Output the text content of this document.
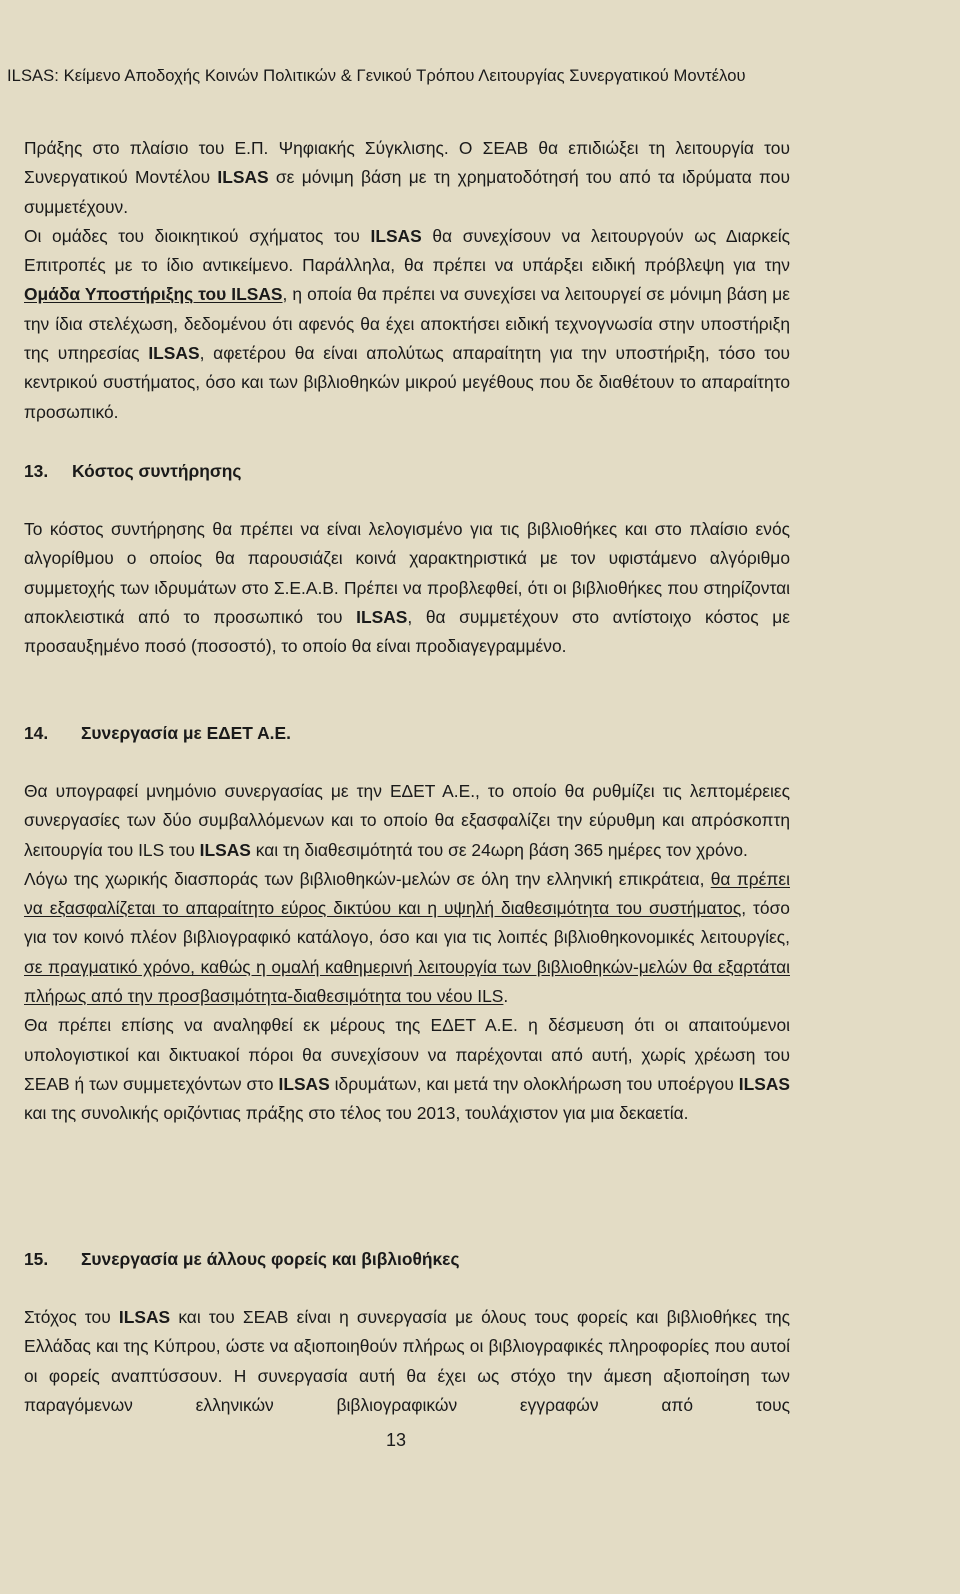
ILSAS: Κείμενο Αποδοχής Κοινών Πολιτικών & Γενικού Τρόπου Λειτουργίας Συνεργατικού Μοντέλου

Πράξης στο πλαίσιο του Ε.Π. Ψηφιακής Σύγκλισης. Ο ΣΕΑΒ θα επιδιώξει τη λειτουργία του Συνεργατικού Μοντέλου ILSAS σε μόνιμη βάση με τη χρηματοδότησή του από τα ιδρύματα που συμμετέχουν.

Οι ομάδες του διοικητικού σχήματος του ILSAS θα συνεχίσουν να λειτουργούν ως Διαρκείς Επιτροπές με το ίδιο αντικείμενο. Παράλληλα, θα πρέπει να υπάρξει ειδική πρόβλεψη για την Ομάδα Υποστήριξης του ILSAS, η οποία θα πρέπει να συνεχίσει να λειτουργεί σε μόνιμη βάση με την ίδια στελέχωση, δεδομένου ότι αφενός θα έχει αποκτήσει ειδική τεχνογνωσία στην υποστήριξη της υπηρεσίας ILSAS, αφετέρου θα είναι απολύτως απαραίτητη για την υποστήριξη, τόσο του κεντρικού συστήματος, όσο και των βιβλιοθηκών μικρού μεγέθους που δε διαθέτουν το απαραίτητο προσωπικό.

13. Κόστος συντήρησης

Το κόστος συντήρησης θα πρέπει να είναι λελογισμένο για τις βιβλιοθήκες και στο πλαίσιο ενός αλγορίθμου ο οποίος θα παρουσιάζει κοινά χαρακτηριστικά με τον υφιστάμενο αλγόριθμο συμμετοχής των ιδρυμάτων στο Σ.Ε.Α.Β. Πρέπει να προβλεφθεί, ότι οι βιβλιοθήκες που στηρίζονται αποκλειστικά από το προσωπικό του ILSAS, θα συμμετέχουν στο αντίστοιχο κόστος με προσαυξημένο ποσό (ποσοστό), το οποίο θα είναι προδιαγεγραμμένο.

14. Συνεργασία με ΕΔΕΤ Α.Ε.

Θα υπογραφεί μνημόνιο συνεργασίας με την ΕΔΕΤ Α.Ε., το οποίο θα ρυθμίζει τις λεπτομέρειες συνεργασίες των δύο συμβαλλόμενων και το οποίο θα εξασφαλίζει την εύρυθμη και απρόσκοπτη λειτουργία του ILS του ILSAS και τη διαθεσιμότητά του σε 24ωρη βάση 365 ημέρες τον χρόνο.

Λόγω της χωρικής διασποράς των βιβλιοθηκών-μελών σε όλη την ελληνική επικράτεια, θα πρέπει να εξασφαλίζεται το απαραίτητο εύρος δικτύου και η υψηλή διαθεσιμότητα του συστήματος, τόσο για τον κοινό πλέον βιβλιογραφικό κατάλογο, όσο και για τις λοιπές βιβλιοθηκονομικές λειτουργίες, σε πραγματικό χρόνο, καθώς η ομαλή καθημερινή λειτουργία των βιβλιοθηκών-μελών θα εξαρτάται πλήρως από την προσβασιμότητα-διαθεσιμότητα του νέου ILS.

Θα πρέπει επίσης να αναληφθεί εκ μέρους της ΕΔΕΤ Α.Ε. η δέσμευση ότι οι απαιτούμενοι υπολογιστικοί και δικτυακοί πόροι θα συνεχίσουν να παρέχονται από αυτή, χωρίς χρέωση του ΣΕΑΒ ή των συμμετεχόντων στο ILSAS ιδρυμάτων, και μετά την ολοκλήρωση του υποέργου ILSAS και της συνολικής οριζόντιας πράξης στο τέλος του 2013, τουλάχιστον για μια δεκαετία.

15. Συνεργασία με άλλους φορείς και βιβλιοθήκες

Στόχος του ILSAS και του ΣΕΑΒ είναι η συνεργασία με όλους τους φορείς και βιβλιοθήκες της Ελλάδας και της Κύπρου, ώστε να αξιοποιηθούν πλήρως οι βιβλιογραφικές πληροφορίες που αυτοί οι φορείς αναπτύσσουν. Η συνεργασία αυτή θα έχει ως στόχο την άμεση αξιοποίηση των παραγόμενων ελληνικών βιβλιογραφικών εγγραφών από τους

13
